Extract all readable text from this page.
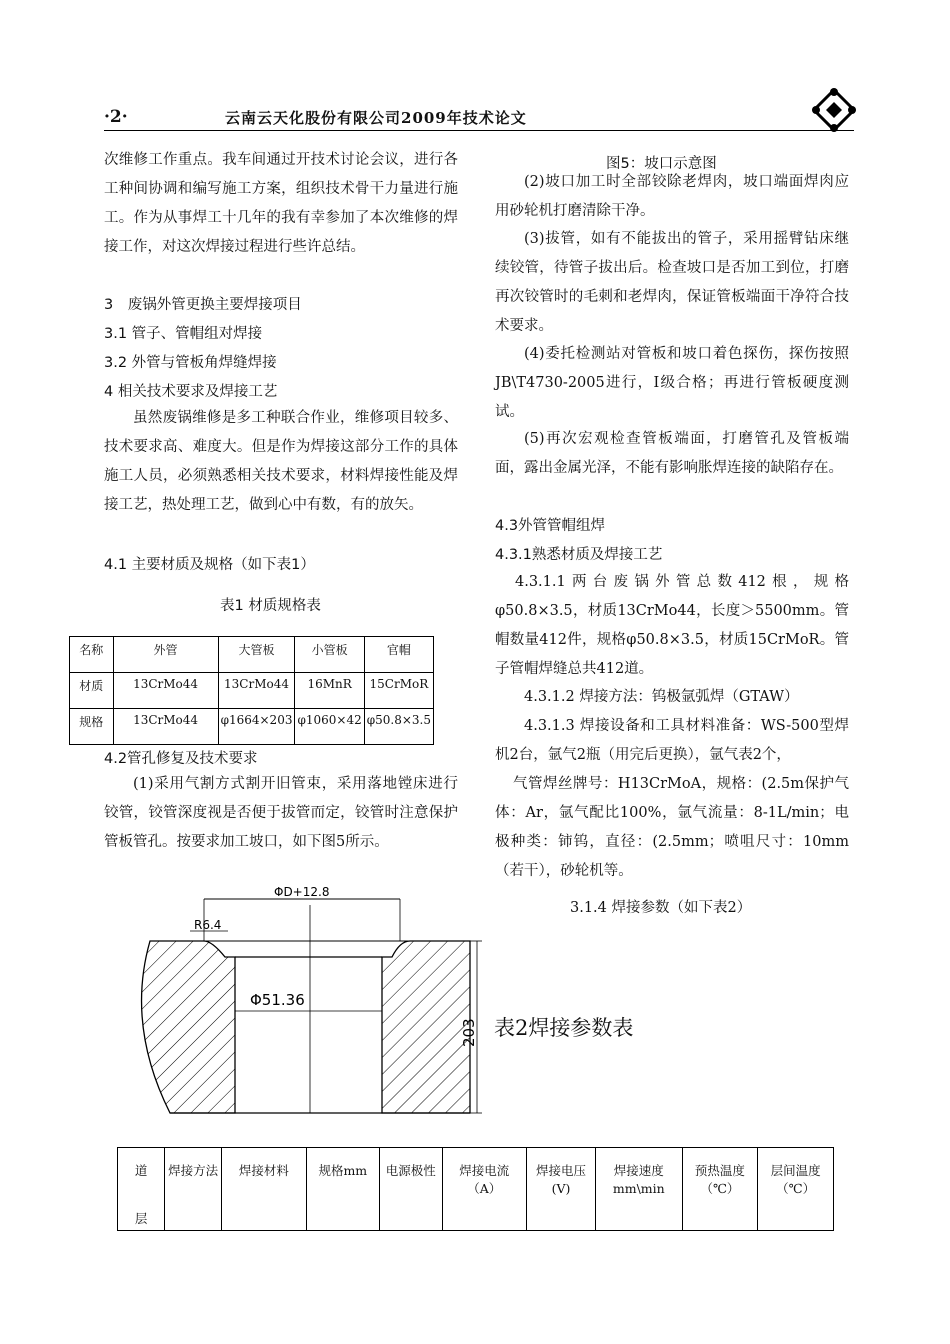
·2·	云南云天化股份有限公司2009年技术论文
次维修工作重点。我车间通过开技术讨论会议，进行各工种间协调和编写施工方案，组织技术骨干力量进行施工。作为从事焊工十几年的我有幸参加了本次维修的焊接工作，对这次焊接过程进行些许总结。
3　废锅外管更换主要焊接项目
3.1 管子、管帽组对焊接
3.2 外管与管板角焊缝焊接
4 相关技术要求及焊接工艺
虽然废锅维修是多工种联合作业，维修项目较多、技术要求高、难度大。但是作为焊接这部分工作的具体施工人员，必须熟悉相关技术要求，材料焊接性能及焊接工艺，热处理工艺，做到心中有数，有的放矢。
4.1 主要材质及规格（如下表1）
表1 材质规格表
名称	外管	大管板	小管板	官帽
材质	13CrMo44	13CrMo44	16MnR	15CrMoR
规格	13CrMo44	φ1664×203	φ1060×42	φ50.8×3.5
4.2管孔修复及技术要求
(1)采用气割方式割开旧管束，采用落地镗床进行铰管，铰管深度视是否便于拔管而定，铰管时注意保护管板管孔。按要求加工坡口，如下图5所示。
ΦD+12.8
R6.4
Φ51.36
203
图5：坡口示意图
(2)坡口加工时全部铰除老焊肉，坡口端面焊肉应用砂轮机打磨清除干净。
(3)拔管，如有不能拔出的管子，采用摇臂钻床继续铰管，待管子拔出后。检查坡口是否加工到位，打磨再次铰管时的毛刺和老焊肉，保证管板端面干净符合技术要求。
(4)委托检测站对管板和坡口着色探伤，探伤按照JB\T4730-2005进行，I级合格；再进行管板硬度测试。
(5)再次宏观检查管板端面，打磨管孔及管板端面，露出金属光泽，不能有影响胀焊连接的缺陷存在。
4.3外管管帽组焊
4.3.1熟悉材质及焊接工艺
4.3.1.1两台废锅外管总数412根，规格φ50.8×3.5，材质13CrMo44，长度＞5500mm。管帽数量412件，规格φ50.8×3.5，材质15CrMoR。管子管帽焊缝总共412道。
4.3.1.2 焊接方法：钨极氩弧焊（GTAW）
4.3.1.3 焊接设备和工具材料准备：WS-500型焊机2台，氩气2瓶（用完后更换），氩气表2个，
气管焊丝牌号：H13CrMoA，规格：(2.5m保护气体：Ar，氩气配比100%，氩气流量：8-1L/min；电极种类：铈钨，直径：(2.5mm；喷咀尺寸：10mm（若干），砂轮机等。
3.1.4 焊接参数（如下表2）
表2焊接参数表
道
层
	焊接方法	焊接材料	规格mm	电源极性	焊接电流（A）	焊接电压(V)	焊接速度mm\min	预热温度（℃）	层间温度（℃）
